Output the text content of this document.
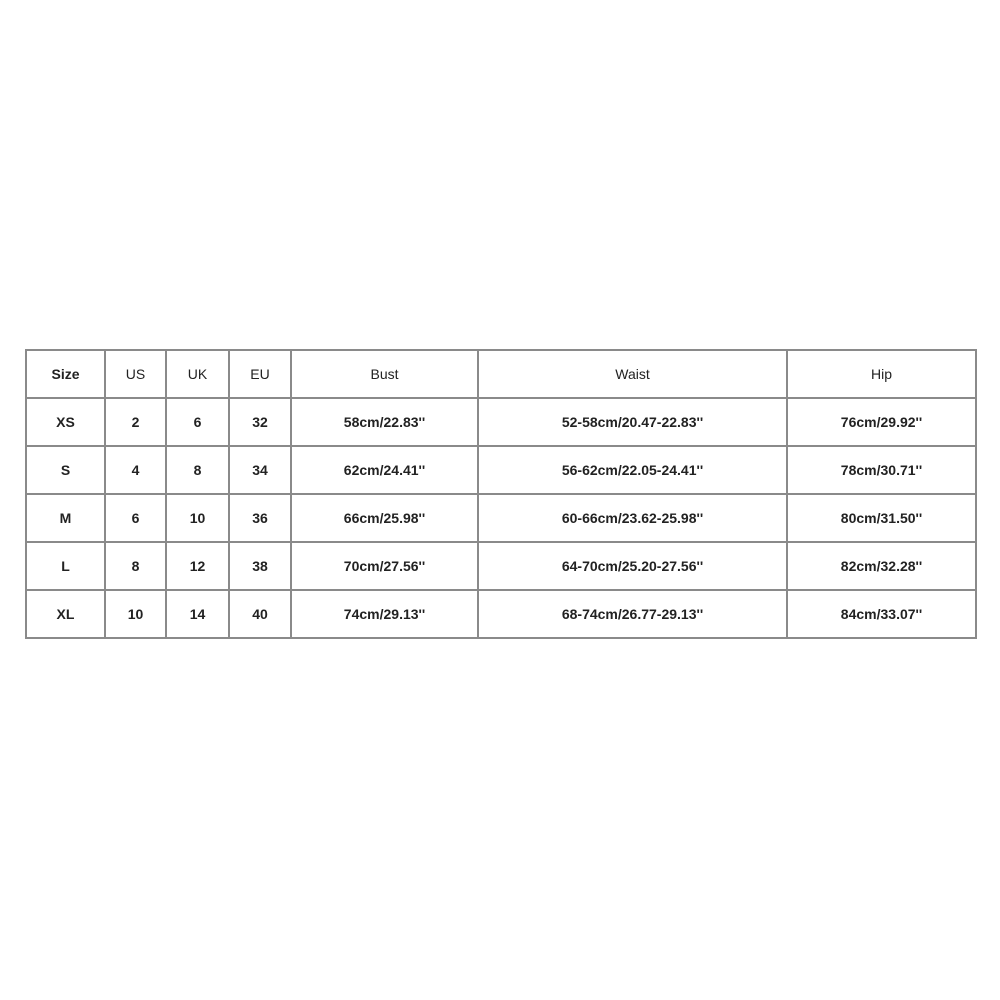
Size	US	UK	EU	Bust	Waist	Hip
XS	2	6	32	58cm/22.83''	52-58cm/20.47-22.83''	76cm/29.92''
S	4	8	34	62cm/24.41''	56-62cm/22.05-24.41''	78cm/30.71''
M	6	10	36	66cm/25.98''	60-66cm/23.62-25.98''	80cm/31.50''
L	8	12	38	70cm/27.56''	64-70cm/25.20-27.56''	82cm/32.28''
XL	10	14	40	74cm/29.13''	68-74cm/26.77-29.13''	84cm/33.07''
